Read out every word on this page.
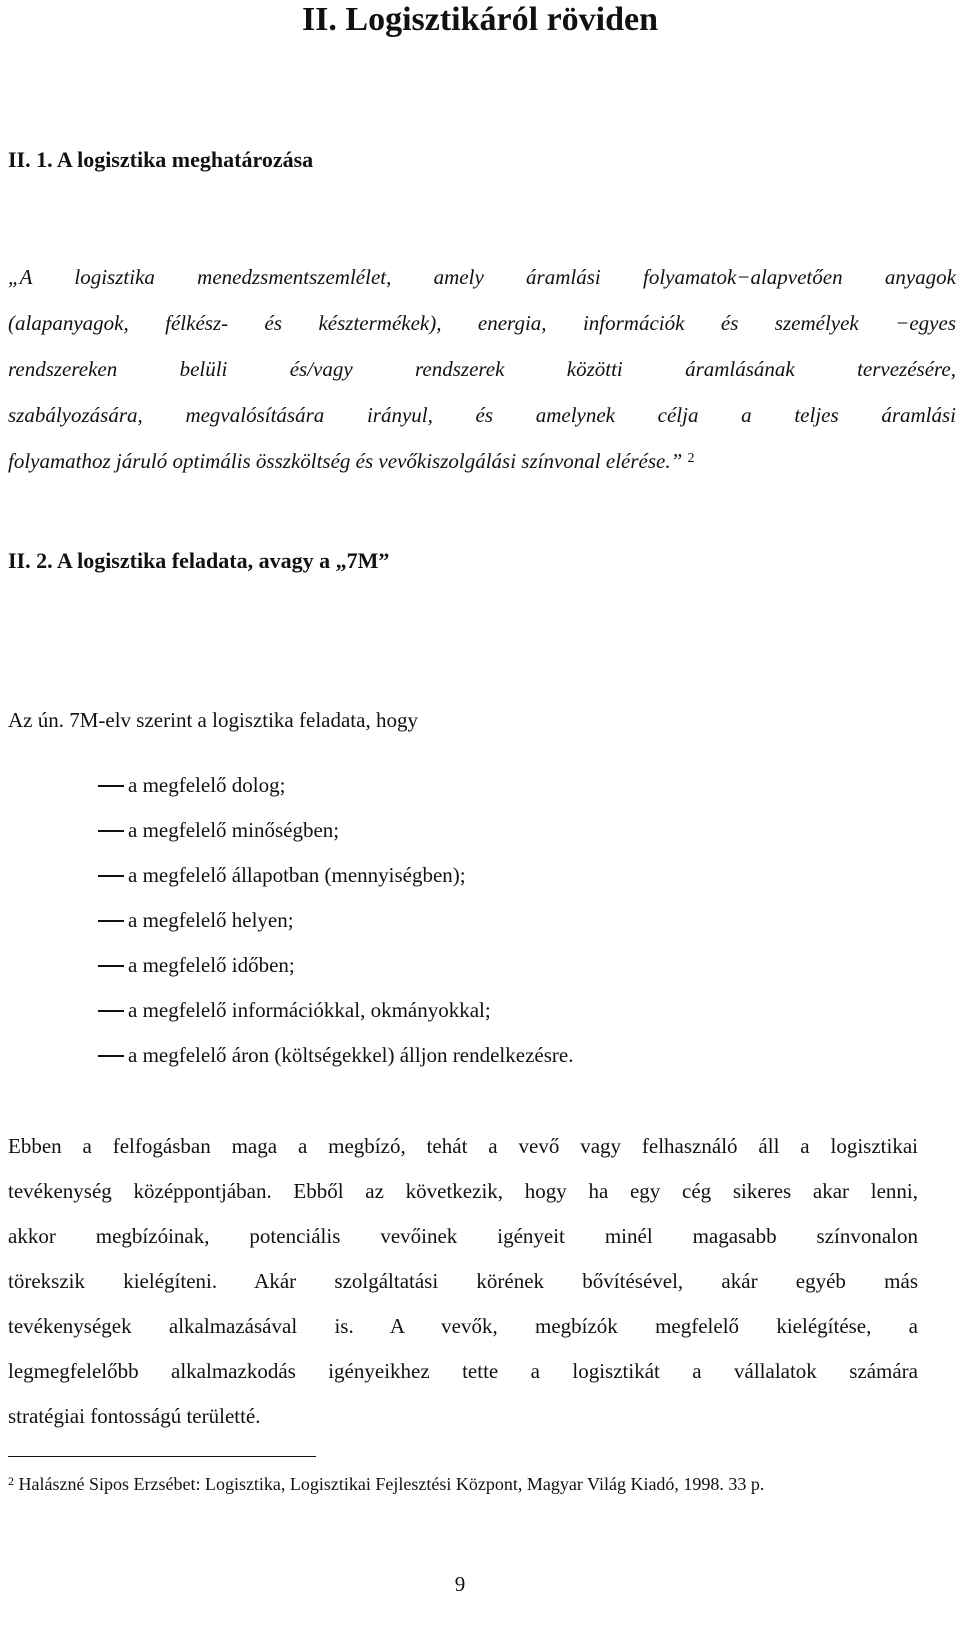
II. Logisztikáról röviden
II. 1. A logisztika meghatározása
„A logisztika menedzsmentszemlélet, amely áramlási folyamatok−alapvetően anyagok
(alapanyagok, félkész- és késztermékek), energia, információk és személyek −egyes
rendszereken belüli és/vagy rendszerek közötti áramlásának tervezésére,
szabályozására, megvalósítására irányul, és amelynek célja a teljes áramlási
folyamathoz járuló optimális összköltség és vevőkiszolgálási színvonal elérése.” $^2$
II. 2. A logisztika feladata, avagy a „7M”

Az ún. 7M-elv szerint a logisztika feladata, hogy

a megfelelő dolog;
a megfelelő minőségben;
a megfelelő állapotban (mennyiségben);
a megfelelő helyen;
a megfelelő időben;
a megfelelő információkkal, okmányokkal;
a megfelelő áron (költségekkel) álljon rendelkezésre.
Ebben a felfogásban maga a megbízó, tehát a vevő vagy felhasználó áll a logisztikai
tevékenység középpontjában. Ebből az következik, hogy ha egy cég sikeres akar lenni,
akkor megbízóinak, potenciális vevőinek igényeit minél magasabb színvonalon
törekszik kielégíteni. Akár szolgáltatási körének bővítésével, akár egyéb más
tevékenységek alkalmazásával is. A vevők, megbízók megfelelő kielégítése, a
legmegfelelőbb alkalmazkodás igényeikhez tette a logisztikát a vállalatok számára
stratégiai fontosságú területté.

$^2$ Halászné Sipos Erzsébet: Logisztika, Logisztikai Fejlesztési Központ, Magyar Világ Kiadó, 1998. 33 p.

9
